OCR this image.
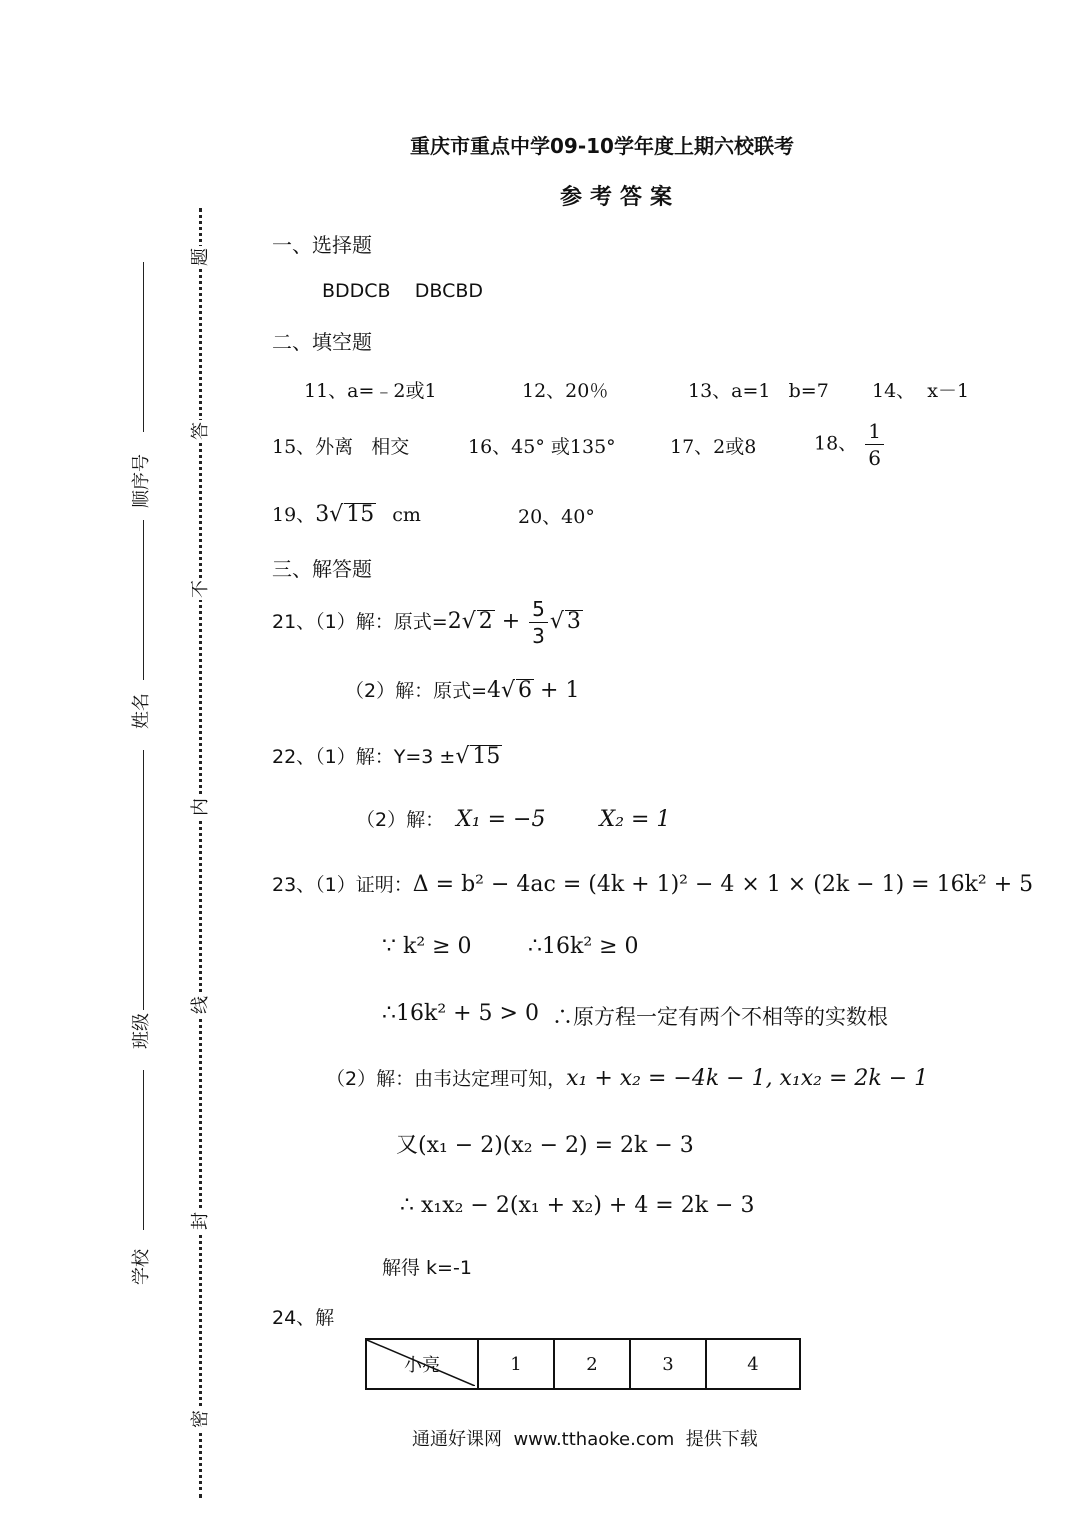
题
答
不
内
线
封
密
顺序号
姓名
班级
学校
重庆市重点中学09-10学年度上期六校联考
参考答案
一、选择题
BDDCB    DBCBD
二、填空题
11、a=﹣2或1	12、20％	13、a=1   b=7 14、  x－1
15、外离   相交	16、45° 或135°	17、2或8	18、 $\frac{1}{6}$
19、3√ 15 cm	20、40°
三、解答题
21、（1）解：原式=2√ $2 + \frac{5}{3}$ √ 3
（2）解：原式=4√ 6 + 1
22、（1）解：Y=3 ±√ 15
（2）解： X₁ = −5 X₂ = 1
23、（1）证明：Δ = b² − 4ac = (4k + 1)² − 4 × 1 × (2k − 1) = 16k² + 5
∵ k² ≥ 0	∴16k² ≥ 0
∴16k² + 5 > 0 ∴原方程一定有两个不相等的实数根
（2）解：由韦达定理可知，x₁ + x₂ = −4k − 1, x₁x₂ = 2k − 1
又(x₁ − 2)(x₂ − 2) = 2k − 3
∴ x₁x₂ − 2(x₁ + x₂) + 4 = 2k − 3
解得 k=-1
24、解
小亮	1	2	3	4
通通好课网  www.tthaoke.com  提供下载
